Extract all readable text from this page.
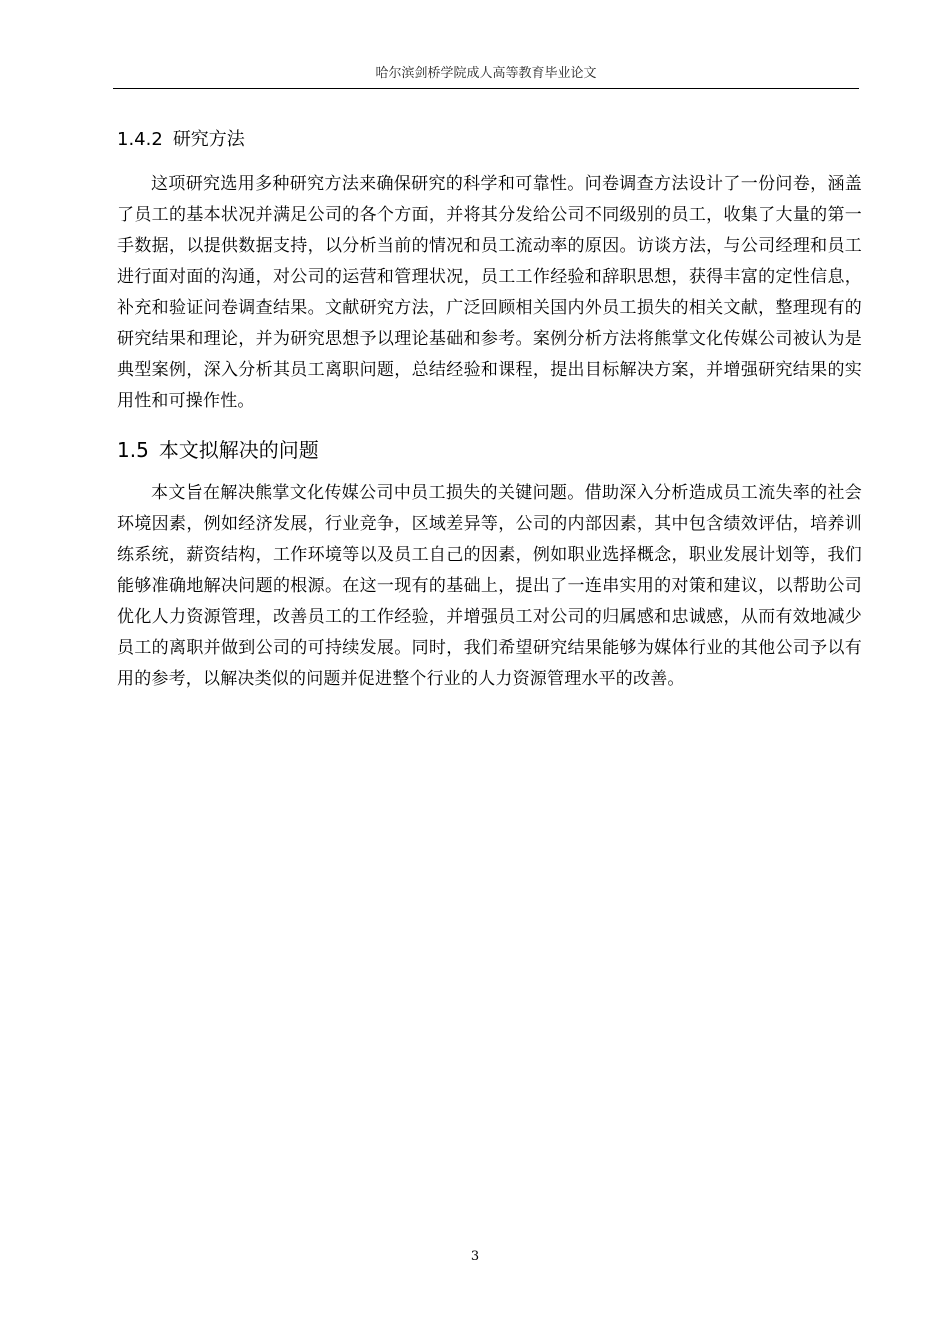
哈尔滨剑桥学院成人高等教育毕业论文
1.4.2 研究方法

这项研究选用多种研究方法来确保研究的科学和可靠性。问卷调查方法设计了一份问卷，涵盖了员工的基本状况并满足公司的各个方面，并将其分发给公司不同级别的员工，收集了大量的第一手数据，以提供数据支持，以分析当前的情况和员工流动率的原因。访谈方法，与公司经理和员工进行面对面的沟通，对公司的运营和管理状况，员工工作经验和辞职思想，获得丰富的定性信息，补充和验证问卷调查结果。文献研究方法，广泛回顾相关国内外员工损失的相关文献，整理现有的研究结果和理论，并为研究思想予以理论基础和参考。案例分析方法将熊掌文化传媒公司被认为是典型案例，深入分析其员工离职问题，总结经验和课程，提出目标解决方案，并增强研究结果的实用性和可操作性。

1.5 本文拟解决的问题

本文旨在解决熊掌文化传媒公司中员工损失的关键问题。借助深入分析造成员工流失率的社会环境因素，例如经济发展，行业竞争，区域差异等，公司的内部因素，其中包含绩效评估，培养训练系统，薪资结构，工作环境等以及员工自己的因素，例如职业选择概念，职业发展计划等，我们能够准确地解决问题的根源。在这一现有的基础上，提出了一连串实用的对策和建议，以帮助公司优化人力资源管理，改善员工的工作经验，并增强员工对公司的归属感和忠诚感，从而有效地减少员工的离职并做到公司的可持续发展。同时，我们希望研究结果能够为媒体行业的其他公司予以有用的参考，以解决类似的问题并促进整个行业的人力资源管理水平的改善。

3
